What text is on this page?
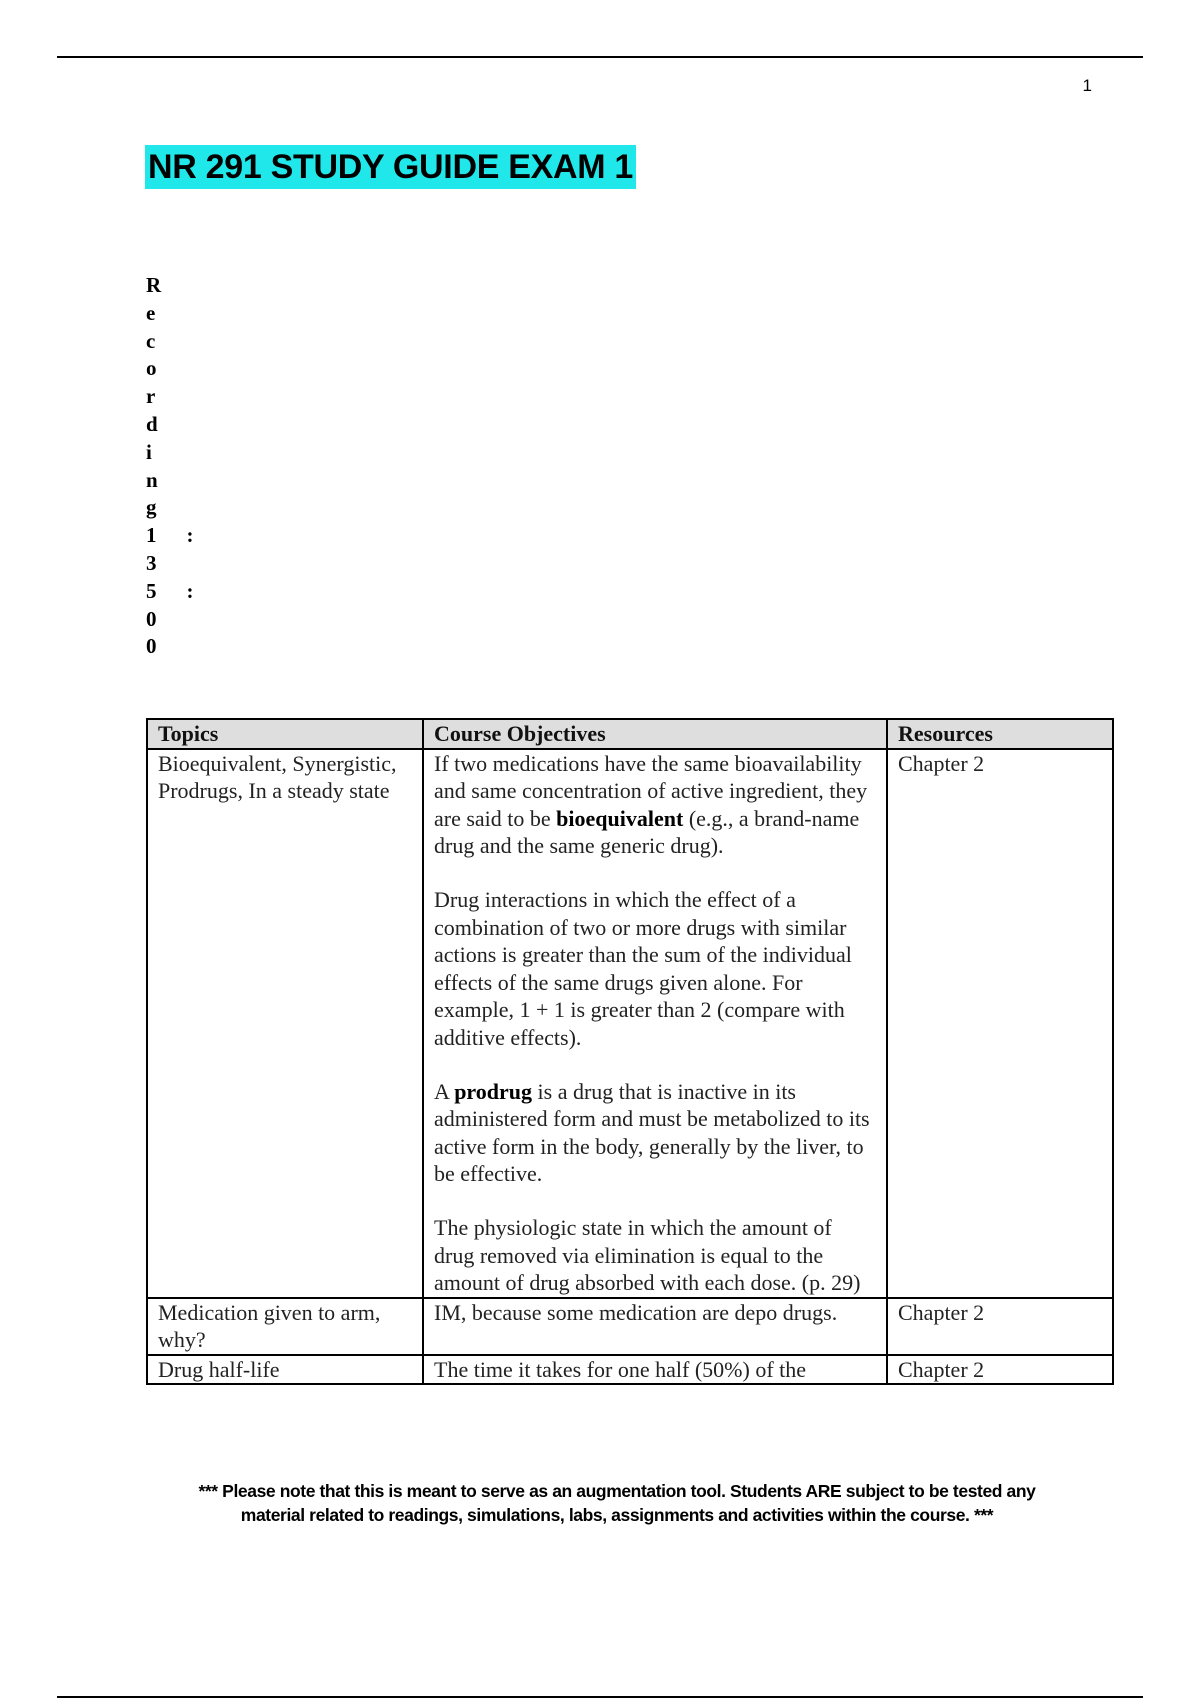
1
NR 291 STUDY GUIDE EXAM 1
Recording1:35:00
Topics	Course Objectives	Resources
Bioequivalent, Synergistic, Prodrugs, In a steady state	If two medications have the same bioavailability and same concentration of active ingredient, they are said to be bioequivalent (e.g., a brand-name drug and the same generic drug).

Drug interactions in which the effect of a combination of two or more drugs with similar actions is greater than the sum of the individual effects of the same drugs given alone. For example, 1 + 1 is greater than 2 (compare with additive effects).

A prodrug is a drug that is inactive in its administered form and must be metabolized to its active form in the body, generally by the liver, to be effective.

The physiologic state in which the amount of drug removed via elimination is equal to the amount of drug absorbed with each dose. (p. 29)	Chapter 2
Medication given to arm, why?	IM, because some medication are depo drugs.	Chapter 2
Drug half-life	The time it takes for one half (50%) of the	Chapter 2
*** Please note that this is meant to serve as an augmentation tool. Students ARE subject to be tested any
material related to readings, simulations, labs, assignments and activities within the course. ***
